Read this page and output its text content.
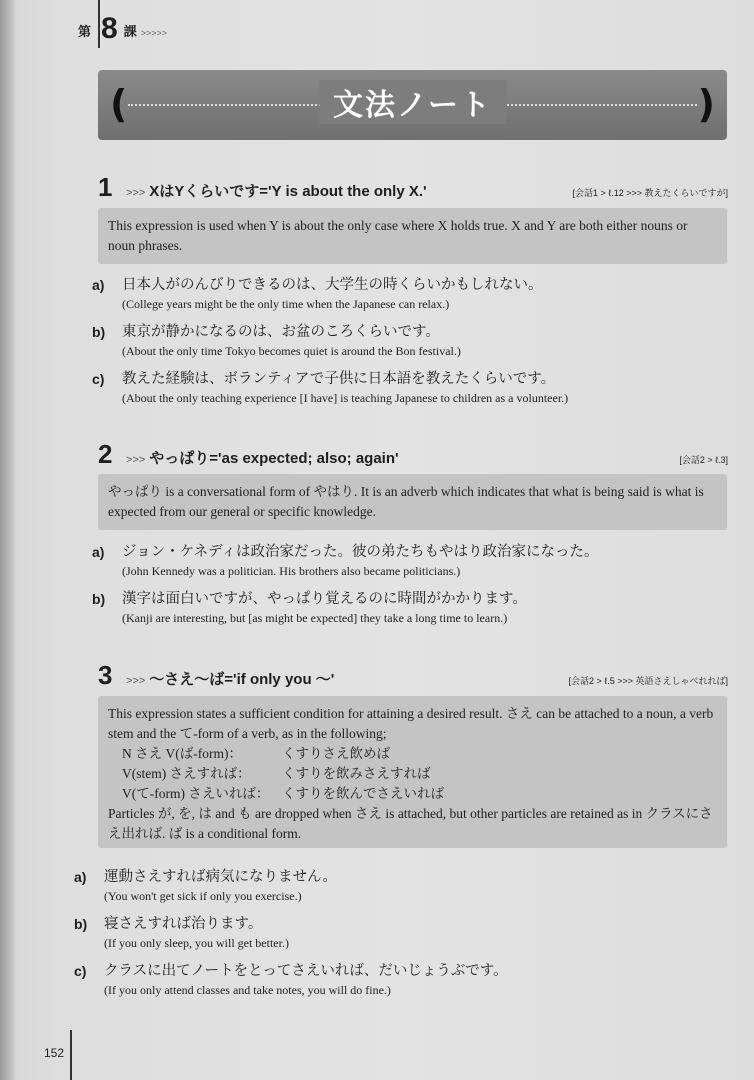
第 8 課 >>>>>
(	文法ノート	)
1	>>> XはYくらいです='Y is about the only X.'	[会話1 > ℓ.12 >>> 教えたくらいですが]

This expression is used when Y is about the only case where X holds true. X and Y are both either nouns or noun phrases.

a)	日本人がのんびりできるのは、大学生の時くらいかもしれない。
(College years might be the only time when the Japanese can relax.)
b)	東京が静かになるのは、お盆のころくらいです。
(About the only time Tokyo becomes quiet is around the Bon festival.)
c)	教えた経験は、ボランティアで子供に日本語を教えたくらいです。
(About the only teaching experience [I have] is teaching Japanese to children as a volunteer.)
2	>>> やっぱり='as expected; also; again'	[会話2 > ℓ.3]

やっぱり is a conversational form of やはり. It is an adverb which indicates that what is being said is what is expected from our general or specific knowledge.

a)	ジョン・ケネディは政治家だった。彼の弟たちもやはり政治家になった。
(John Kennedy was a politician. His brothers also became politicians.)
b)	漢字は面白いですが、やっぱり覚えるのに時間がかかります。
(Kanji are interesting, but [as might be expected] they take a long time to learn.)
3	>>> ～さえ～ば='if only you ～'	[会話2 > ℓ.5 >>> 英語さえしゃべれれば]

This expression states a sufficient condition for attaining a desired result. さえ can be attached to a noun, a verb stem and the て-form of a verb, as in the following;

N さえ V(ば-form)：	くすりさえ飲めば
V(stem) さえすれば：	くすりを飲みさえすれば
V(て-form) さえいれば： くすりを飲んでさえいれば

Particles が, を, は and も are dropped when さえ is attached, but other particles are retained as in クラスにさえ出れば. ば is a conditional form.

a)	運動さえすれば病気になりません。
(You won't get sick if only you exercise.)
b)	寝さえすれば治ります。
(If you only sleep, you will get better.)
c)	クラスに出てノートをとってさえいれば、だいじょうぶです。
(If you only attend classes and take notes, you will do fine.)
152
